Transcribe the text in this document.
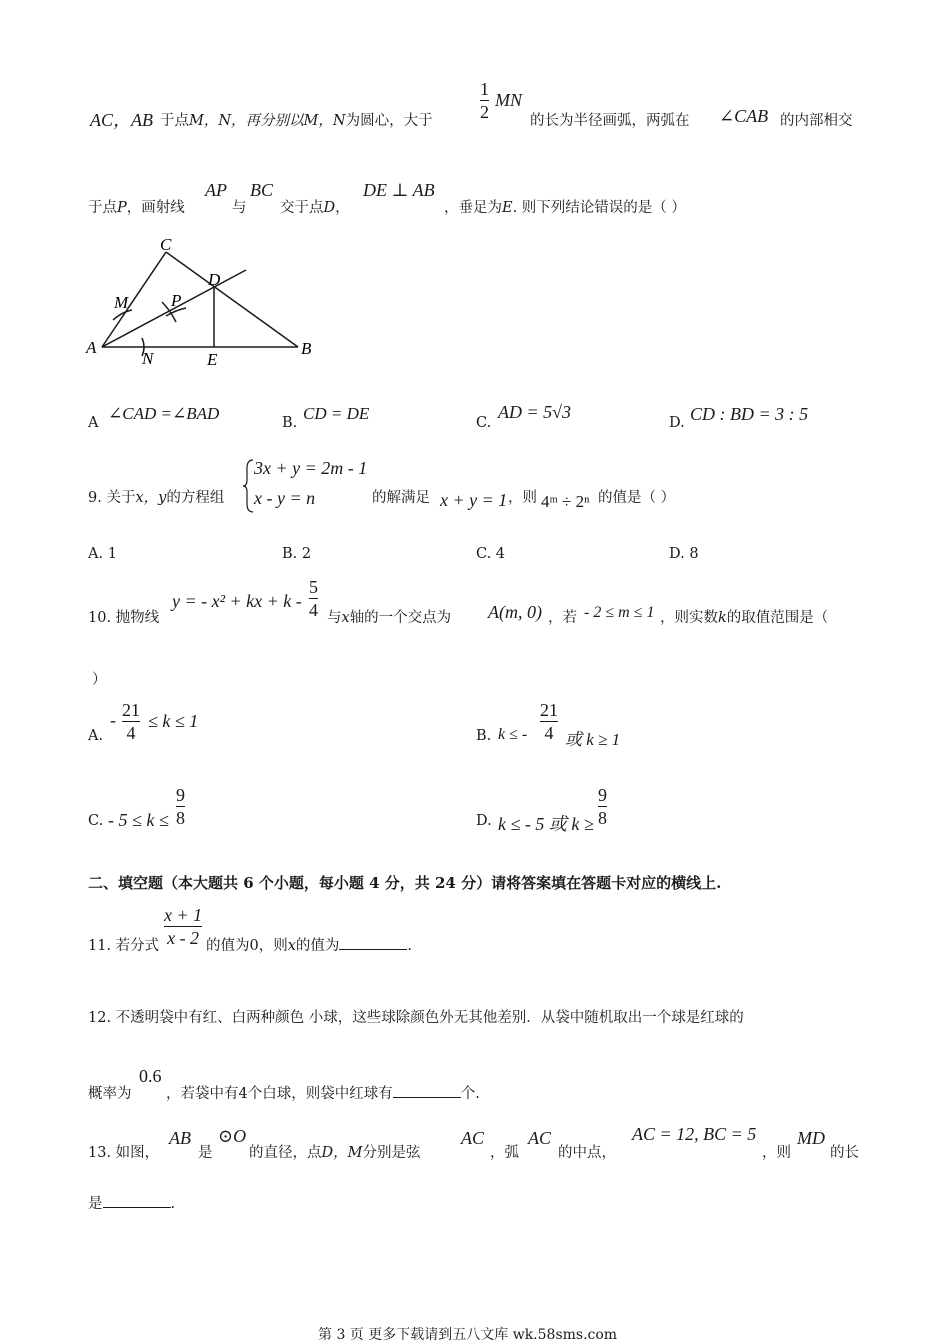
AC，AB 于点M，N，再分别以M，N为圆心，大于
1
2
MN
的长为半径画弧，两弧在 ∠CAB 的内部相交
于点P，画射线
AP
与
BC
交于点D，
DE ⊥ AB
，垂足为E. 则下列结论错误的是（ ）
C
D
M	P
A
N	E
B
A ∠CAD =∠BAD	B. CD = DE	C.
AD = 5√3
D. CD : BD = 3 : 5
9. 关于x，y的方程组
3x + y = 2m - 1
x - y = n	的解满足 x + y = 1 ，则 4ᵐ ÷ 2ⁿ 的值是（ ）
A. 1	B. 2	C. 4	D. 8
10. 抛物线
y = - x² + kx + k -
5
4 与x轴的一个交点为 A(m, 0) ，若 - 2 ≤ m ≤ 1 ，则实数k的取值范围是（
）
A.
- 21
4
≤ k ≤ 1
B. k ≤ -
21
4 或 k ≥ 1
C. - 5 ≤ k ≤
9
8	D. k ≤ - 5 或 k ≥
9
8
二、填空题（本大题共 6 个小题，每小题 4 分，共 24 分）请将答案填在答题卡对应的横线上.
11. 若分式
x + 1
x - 2 的值为0，则x的值为	.
12. 不透明袋中有红、白两种颜色 小球，这些球除颜色外无其他差别．从袋中随机取出一个球是红球的
概率为
0.6
，若袋中有4个白球，则袋中红球有	个.
13. 如图，
AB
是
⊙O
的直径，点D，M分别是弦
AC
，弧
AC
的中点，
AC = 12, BC = 5
，则
MD
的长
是	.
第 3 页 更多下载请到五八文库 wk.58sms.com
